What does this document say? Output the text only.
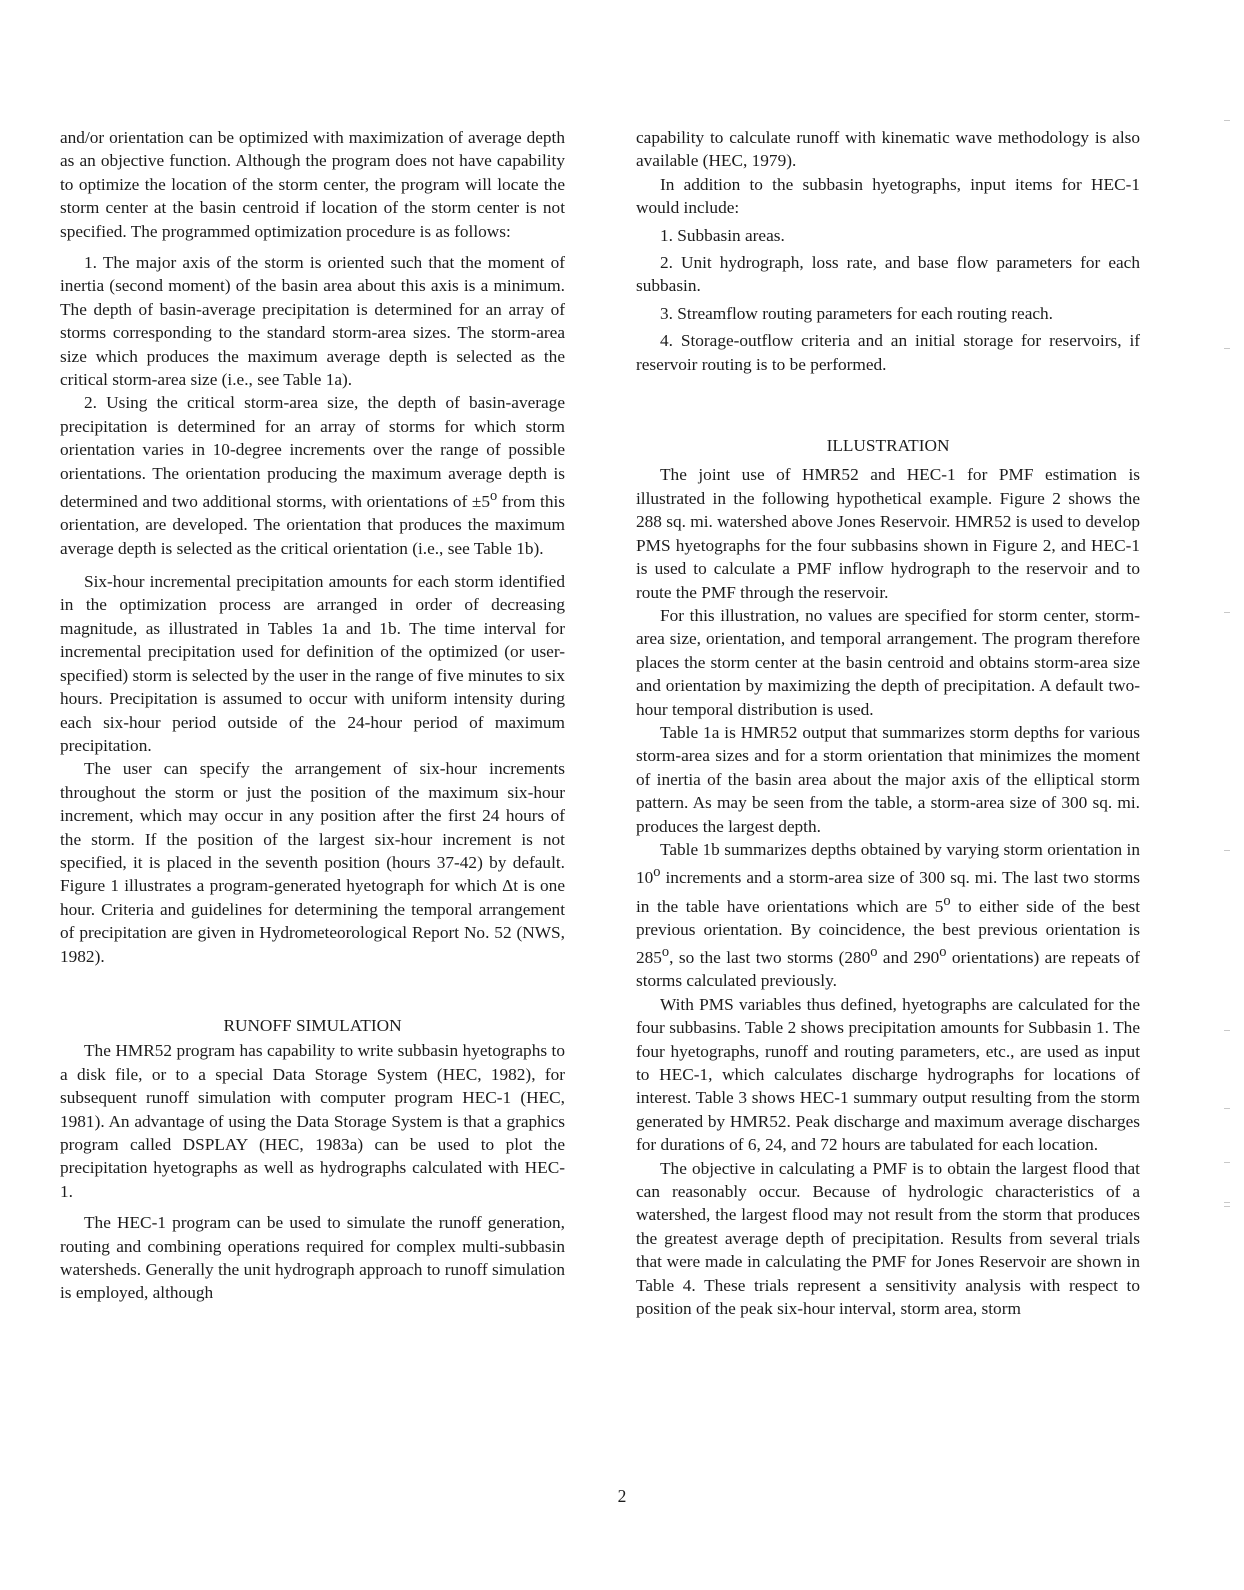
and/or orientation can be optimized with maximization of average depth as an objective function. Although the program does not have capability to optimize the location of the storm center, the program will locate the storm center at the basin centroid if location of the storm center is not specified. The programmed optimization procedure is as follows:

1. The major axis of the storm is oriented such that the moment of inertia (second moment) of the basin area about this axis is a minimum. The depth of basin-average precipitation is determined for an array of storms corresponding to the standard storm-area sizes. The storm-area size which produces the maximum average depth is selected as the critical storm-area size (i.e., see Table 1a).

2. Using the critical storm-area size, the depth of basin-average precipitation is determined for an array of storms for which storm orientation varies in 10-degree increments over the range of possible orientations. The orientation producing the maximum average depth is determined and two additional storms, with orientations of $\pm 5^o$ from this orientation, are developed. The orientation that produces the maximum average depth is selected as the critical orientation (i.e., see Table 1b).

Six-hour incremental precipitation amounts for each storm identified in the optimization process are arranged in order of decreasing magnitude, as illustrated in Tables 1a and 1b. The time interval for incremental precipitation used for definition of the optimized (or user-specified) storm is selected by the user in the range of five minutes to six hours. Precipitation is assumed to occur with uniform intensity during each six-hour period outside of the 24-hour period of maximum precipitation.

The user can specify the arrangement of six-hour increments throughout the storm or just the position of the maximum six-hour increment, which may occur in any position after the first 24 hours of the storm. If the position of the largest six-hour increment is not specified, it is placed in the seventh position (hours 37-42) by default. Figure 1 illustrates a program-generated hyetograph for which Δt is one hour. Criteria and guidelines for determining the temporal arrangement of precipitation are given in Hydrometeorological Report No. 52 (NWS, 1982).

RUNOFF SIMULATION

The HMR52 program has capability to write subbasin hyetographs to a disk file, or to a special Data Storage System (HEC, 1982), for subsequent runoff simulation with computer program HEC-1 (HEC, 1981). An advantage of using the Data Storage System is that a graphics program called DSPLAY (HEC, 1983a) can be used to plot the precipitation hyetographs as well as hydrographs calculated with HEC-1.

The HEC-1 program can be used to simulate the runoff generation, routing and combining operations required for complex multi-subbasin watersheds. Generally the unit hydrograph approach to runoff simulation is employed, although

capability to calculate runoff with kinematic wave methodology is also available (HEC, 1979).

In addition to the subbasin hyetographs, input items for HEC-1 would include:

1. Subbasin areas.

2. Unit hydrograph, loss rate, and base flow parameters for each subbasin.

3. Streamflow routing parameters for each routing reach.

4. Storage-outflow criteria and an initial storage for reservoirs, if reservoir routing is to be performed.

ILLUSTRATION

The joint use of HMR52 and HEC-1 for PMF estimation is illustrated in the following hypothetical example. Figure 2 shows the 288 sq. mi. watershed above Jones Reservoir. HMR52 is used to develop PMS hyetographs for the four subbasins shown in Figure 2, and HEC-1 is used to calculate a PMF inflow hydrograph to the reservoir and to route the PMF through the reservoir.

For this illustration, no values are specified for storm center, storm-area size, orientation, and temporal arrangement. The program therefore places the storm center at the basin centroid and obtains storm-area size and orientation by maximizing the depth of precipitation. A default two-hour temporal distribution is used.

Table 1a is HMR52 output that summarizes storm depths for various storm-area sizes and for a storm orientation that minimizes the moment of inertia of the basin area about the major axis of the elliptical storm pattern. As may be seen from the table, a storm-area size of 300 sq. mi. produces the largest depth.

Table 1b summarizes depths obtained by varying storm orientation in 10$^o$ increments and a storm-area size of 300 sq. mi. The last two storms in the table have orientations which are 5$^o$ to either side of the best previous orientation. By coincidence, the best previous orientation is 285$^o$, so the last two storms (280$^o$ and 290$^o$ orientations) are repeats of storms calculated previously.

With PMS variables thus defined, hyetographs are calculated for the four subbasins. Table 2 shows precipitation amounts for Subbasin 1. The four hyetographs, runoff and routing parameters, etc., are used as input to HEC-1, which calculates discharge hydrographs for locations of interest. Table 3 shows HEC-1 summary output resulting from the storm generated by HMR52. Peak discharge and maximum average discharges for durations of 6, 24, and 72 hours are tabulated for each location.

The objective in calculating a PMF is to obtain the largest flood that can reasonably occur. Because of hydrologic characteristics of a watershed, the largest flood may not result from the storm that produces the greatest average depth of precipitation. Results from several trials that were made in calculating the PMF for Jones Reservoir are shown in Table 4. These trials represent a sensitivity analysis with respect to position of the peak six-hour interval, storm area, storm

2
